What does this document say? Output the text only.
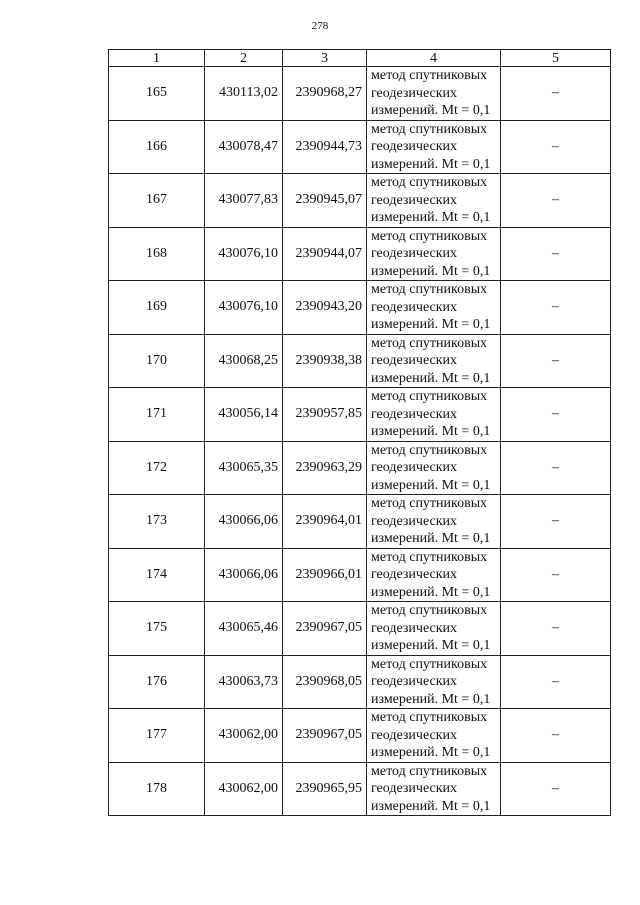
278
1	2	3	4	5
165	430113,02	2390968,27	метод спутниковых
геодезических
измерений. Mt = 0,1	–
166	430078,47	2390944,73	метод спутниковых
геодезических
измерений. Mt = 0,1	–
167	430077,83	2390945,07	метод спутниковых
геодезических
измерений. Mt = 0,1	–
168	430076,10	2390944,07	метод спутниковых
геодезических
измерений. Mt = 0,1	–
169	430076,10	2390943,20	метод спутниковых
геодезических
измерений. Mt = 0,1	–
170	430068,25	2390938,38	метод спутниковых
геодезических
измерений. Mt = 0,1	–
171	430056,14	2390957,85	метод спутниковых
геодезических
измерений. Mt = 0,1	–
172	430065,35	2390963,29	метод спутниковых
геодезических
измерений. Mt = 0,1	–
173	430066,06	2390964,01	метод спутниковых
геодезических
измерений. Mt = 0,1	–
174	430066,06	2390966,01	метод спутниковых
геодезических
измерений. Mt = 0,1	–
175	430065,46	2390967,05	метод спутниковых
геодезических
измерений. Mt = 0,1	–
176	430063,73	2390968,05	метод спутниковых
геодезических
измерений. Mt = 0,1	–
177	430062,00	2390967,05	метод спутниковых
геодезических
измерений. Mt = 0,1	–
178	430062,00	2390965,95	метод спутниковых
геодезических
измерений. Mt = 0,1	–
